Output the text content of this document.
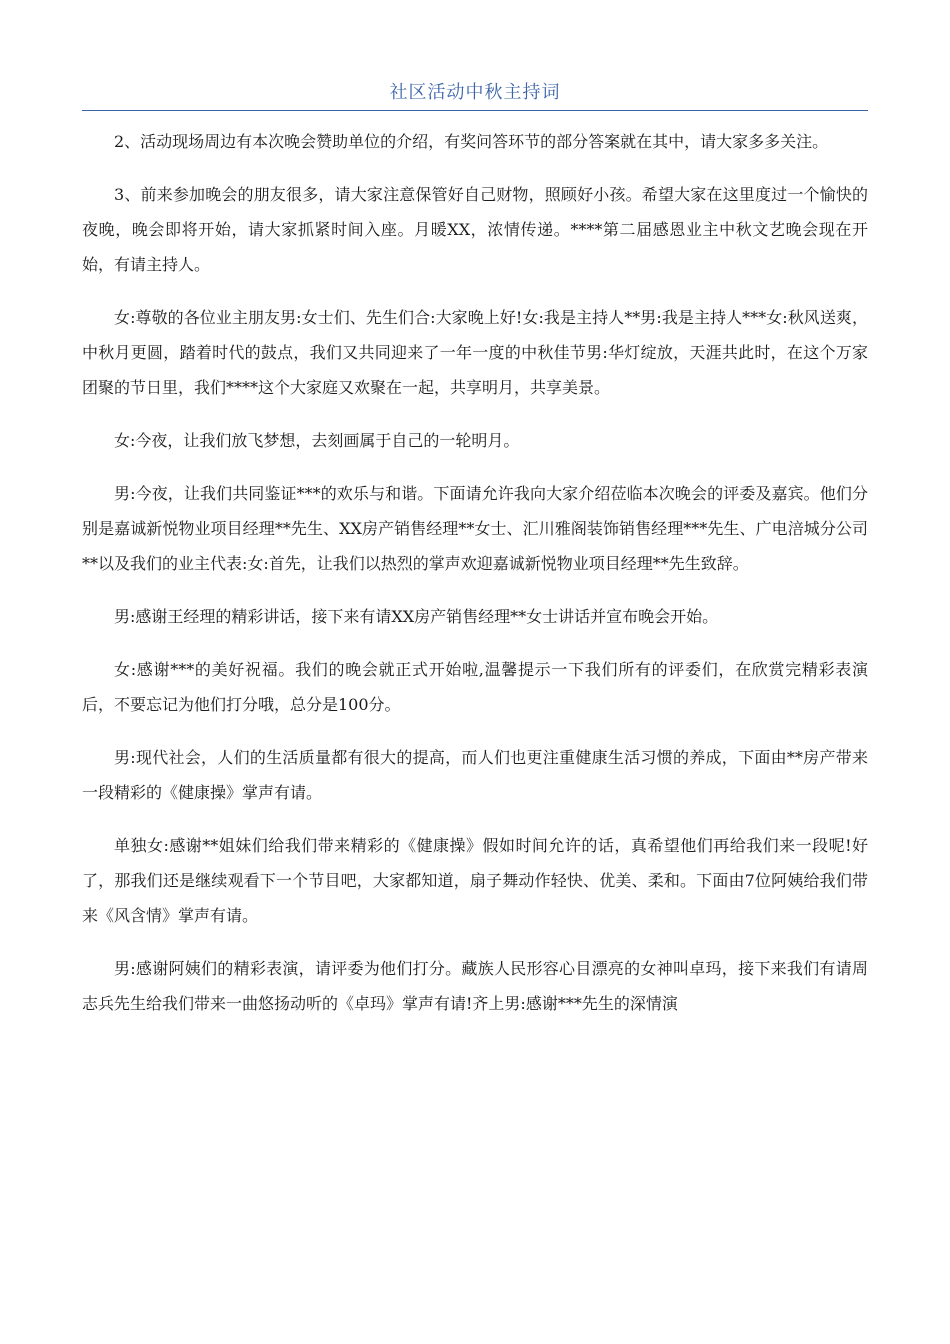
社区活动中秋主持词

2、活动现场周边有本次晚会赞助单位的介绍，有奖问答环节的部分答案就在其中，请大家多多关注。

3、前来参加晚会的朋友很多，请大家注意保管好自己财物，照顾好小孩。希望大家在这里度过一个愉快的夜晚，晚会即将开始，请大家抓紧时间入座。月暖XX，浓情传递。****第二届感恩业主中秋文艺晚会现在开始，有请主持人。

女:尊敬的各位业主朋友男:女士们、先生们合:大家晚上好!女:我是主持人**男:我是主持人***女:秋风送爽，中秋月更圆，踏着时代的鼓点，我们又共同迎来了一年一度的中秋佳节男:华灯绽放，天涯共此时，在这个万家团聚的节日里，我们****这个大家庭又欢聚在一起，共享明月，共享美景。

女:今夜，让我们放飞梦想，去刻画属于自己的一轮明月。

男:今夜，让我们共同鉴证***的欢乐与和谐。下面请允许我向大家介绍莅临本次晚会的评委及嘉宾。他们分别是嘉诚新悦物业项目经理**先生、XX房产销售经理**女士、汇川雅阁装饰销售经理***先生、广电涪城分公司**以及我们的业主代表:女:首先，让我们以热烈的掌声欢迎嘉诚新悦物业项目经理**先生致辞。

男:感谢王经理的精彩讲话，接下来有请XX房产销售经理**女士讲话并宣布晚会开始。

女:感谢***的美好祝福。我们的晚会就正式开始啦,温馨提示一下我们所有的评委们，在欣赏完精彩表演后，不要忘记为他们打分哦，总分是100分。

男:现代社会，人们的生活质量都有很大的提高，而人们也更注重健康生活习惯的养成，下面由**房产带来一段精彩的《健康操》掌声有请。

单独女:感谢**姐妹们给我们带来精彩的《健康操》假如时间允许的话，真希望他们再给我们来一段呢!好了，那我们还是继续观看下一个节目吧，大家都知道，扇子舞动作轻快、优美、柔和。下面由7位阿姨给我们带来《风含情》掌声有请。

男:感谢阿姨们的精彩表演，请评委为他们打分。藏族人民形容心目漂亮的女神叫卓玛，接下来我们有请周志兵先生给我们带来一曲悠扬动听的《卓玛》掌声有请!齐上男:感谢***先生的深情演
